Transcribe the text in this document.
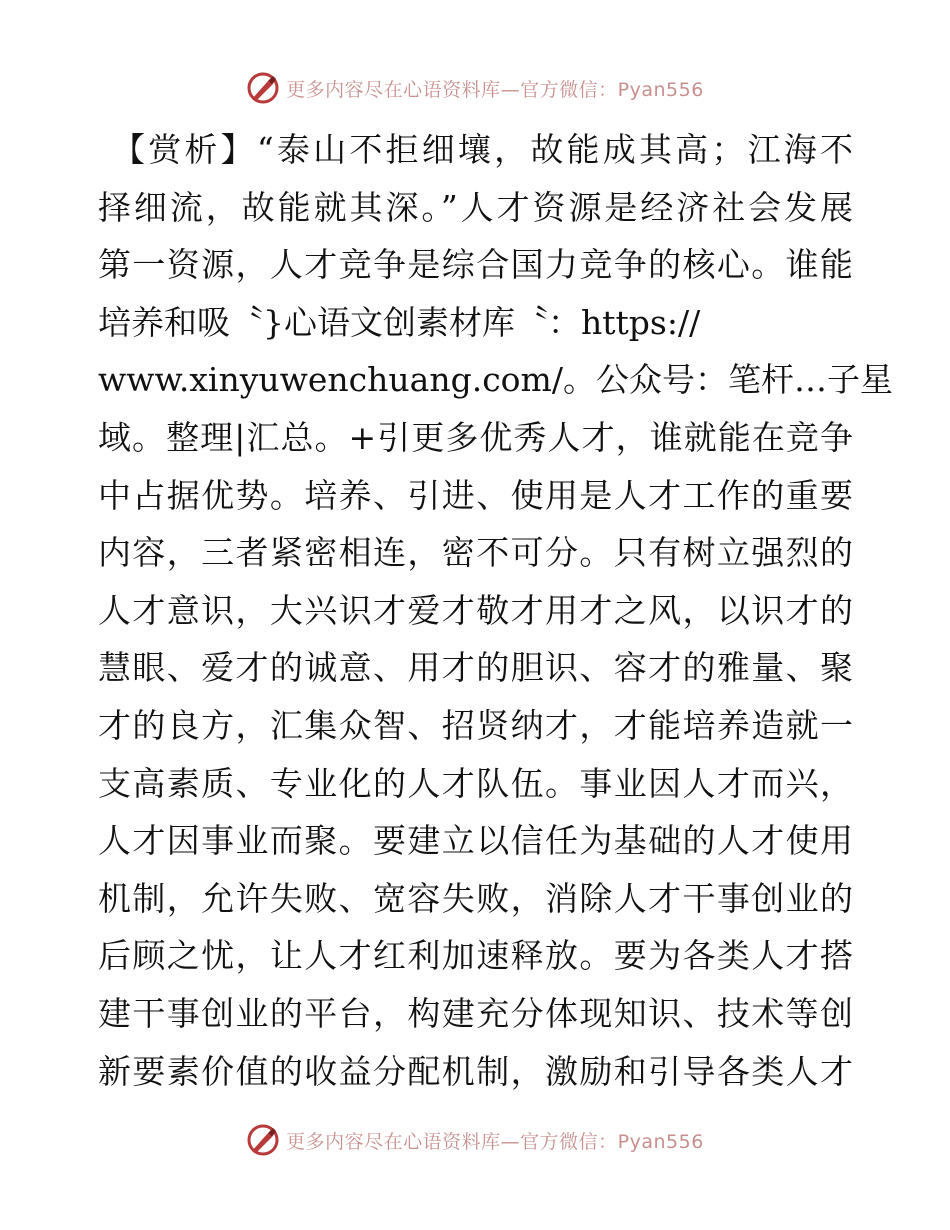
更多内容尽在心语资料库—官方微信：Pyan556
【赏析】“泰山不拒细壤，故能成其高；江海不
择细流，故能就其深。”人才资源是经济社会发展
第一资源，人才竞争是综合国力竞争的核心。谁能
培养和吸〝}心语文创素材库〝：https://
www.xinyuwenchuang.com/。公众号：笔杆…子星
域。整理|汇总。+引更多优秀人才，谁就能在竞争
中占据优势。培养、引进、使用是人才工作的重要
内容，三者紧密相连，密不可分。只有树立强烈的
人才意识，大兴识才爱才敬才用才之风，以识才的
慧眼、爱才的诚意、用才的胆识、容才的雅量、聚
才的良方，汇集众智、招贤纳才，才能培养造就一
支高素质、专业化的人才队伍。事业因人才而兴，
人才因事业而聚。要建立以信任为基础的人才使用
机制，允许失败、宽容失败，消除人才干事创业的
后顾之忧，让人才红利加速释放。要为各类人才搭
建干事创业的平台，构建充分体现知识、技术等创
新要素价值的收益分配机制，激励和引导各类人才
更多内容尽在心语资料库—官方微信：Pyan556
